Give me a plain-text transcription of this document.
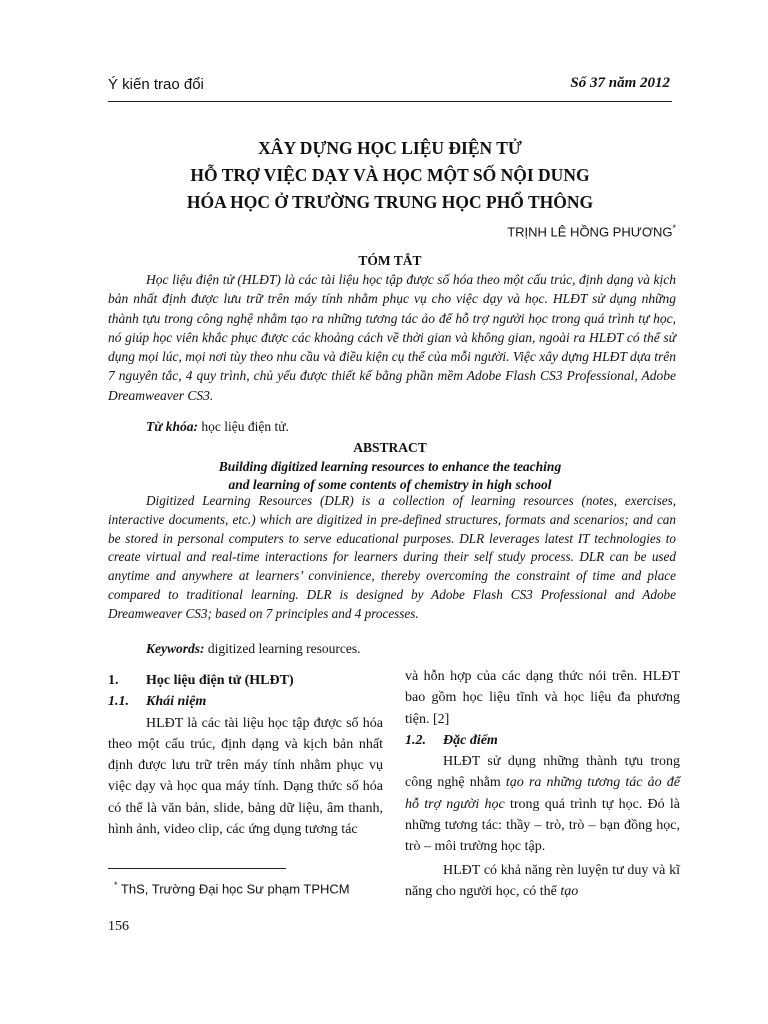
Ý kiến trao đổi	Số 37 năm 2012
XÂY DỰNG HỌC LIỆU ĐIỆN TỬ
HỖ TRỢ VIỆC DẠY VÀ HỌC MỘT SỐ NỘI DUNG
HÓA HỌC Ở TRƯỜNG TRUNG HỌC PHỔ THÔNG
TRỊNH LÊ HỒNG PHƯƠNG*
TÓM TẮT

Học liệu điện tử (HLĐT) là các tài liệu học tập được số hóa theo một cấu trúc, định dạng và kịch bản nhất định được lưu trữ trên máy tính nhằm phục vụ cho việc dạy và học. HLĐT sử dụng những thành tựu trong công nghệ nhằm tạo ra những tương tác ảo để hỗ trợ người học trong quá trình tự học, nó giúp học viên khắc phục được các khoảng cách về thời gian và không gian, ngoài ra HLĐT có thể sử dụng mọi lúc, mọi nơi tùy theo nhu cầu và điều kiện cụ thể của mỗi người. Việc xây dựng HLĐT dựa trên 7 nguyên tắc, 4 quy trình, chủ yếu được thiết kế bằng phần mềm Adobe Flash CS3 Professional, Adobe Dreamweaver CS3.

Từ khóa: học liệu điện tử.
ABSTRACT
Building digitized learning resources to enhance the teaching
and learning of some contents of chemistry in high school

Digitized Learning Resources (DLR) is a collection of learning resources (notes, exercises, interactive documents, etc.) which are digitized in pre-defined structures, formats and scenarios; and can be stored in personal computers to serve educational purposes. DLR leverages latest IT technologies to create virtual and real-time interactions for learners during their self study process. DLR can be used anytime and anywhere at learners’ convinience, thereby overcoming the constraint of time and place compared to traditional learning. DLR is designed by Adobe Flash CS3 Professional and Adobe Dreamweaver CS3; based on 7 principles and 4 processes.

Keywords: digitized learning resources.
1.	Học liệu điện tử (HLĐT)
1.1.	Khái niệm

HLĐT là các tài liệu học tập được số hóa theo một cấu trúc, định dạng và kịch bản nhất định được lưu trữ trên máy tính nhằm phục vụ việc dạy và học qua máy tính. Dạng thức số hóa có thể là văn bản, slide, bảng dữ liệu, âm thanh, hình ảnh, video clip, các ứng dụng tương tác

và hỗn hợp của các dạng thức nói trên. HLĐT bao gồm học liệu tĩnh và học liệu đa phương tiện. [2]

1.2.	Đặc điểm

HLĐT sử dụng những thành tựu trong công nghệ nhằm tạo ra những tương tác ảo để hỗ trợ người học trong quá trình tự học. Đó là những tương tác: thầy – trò, trò – bạn đồng học, trò – môi trường học tập.

HLĐT có khả năng rèn luyện tư duy và kĩ năng cho người học, có thể tạo

* ThS, Trường Đại học Sư phạm TPHCM
156
